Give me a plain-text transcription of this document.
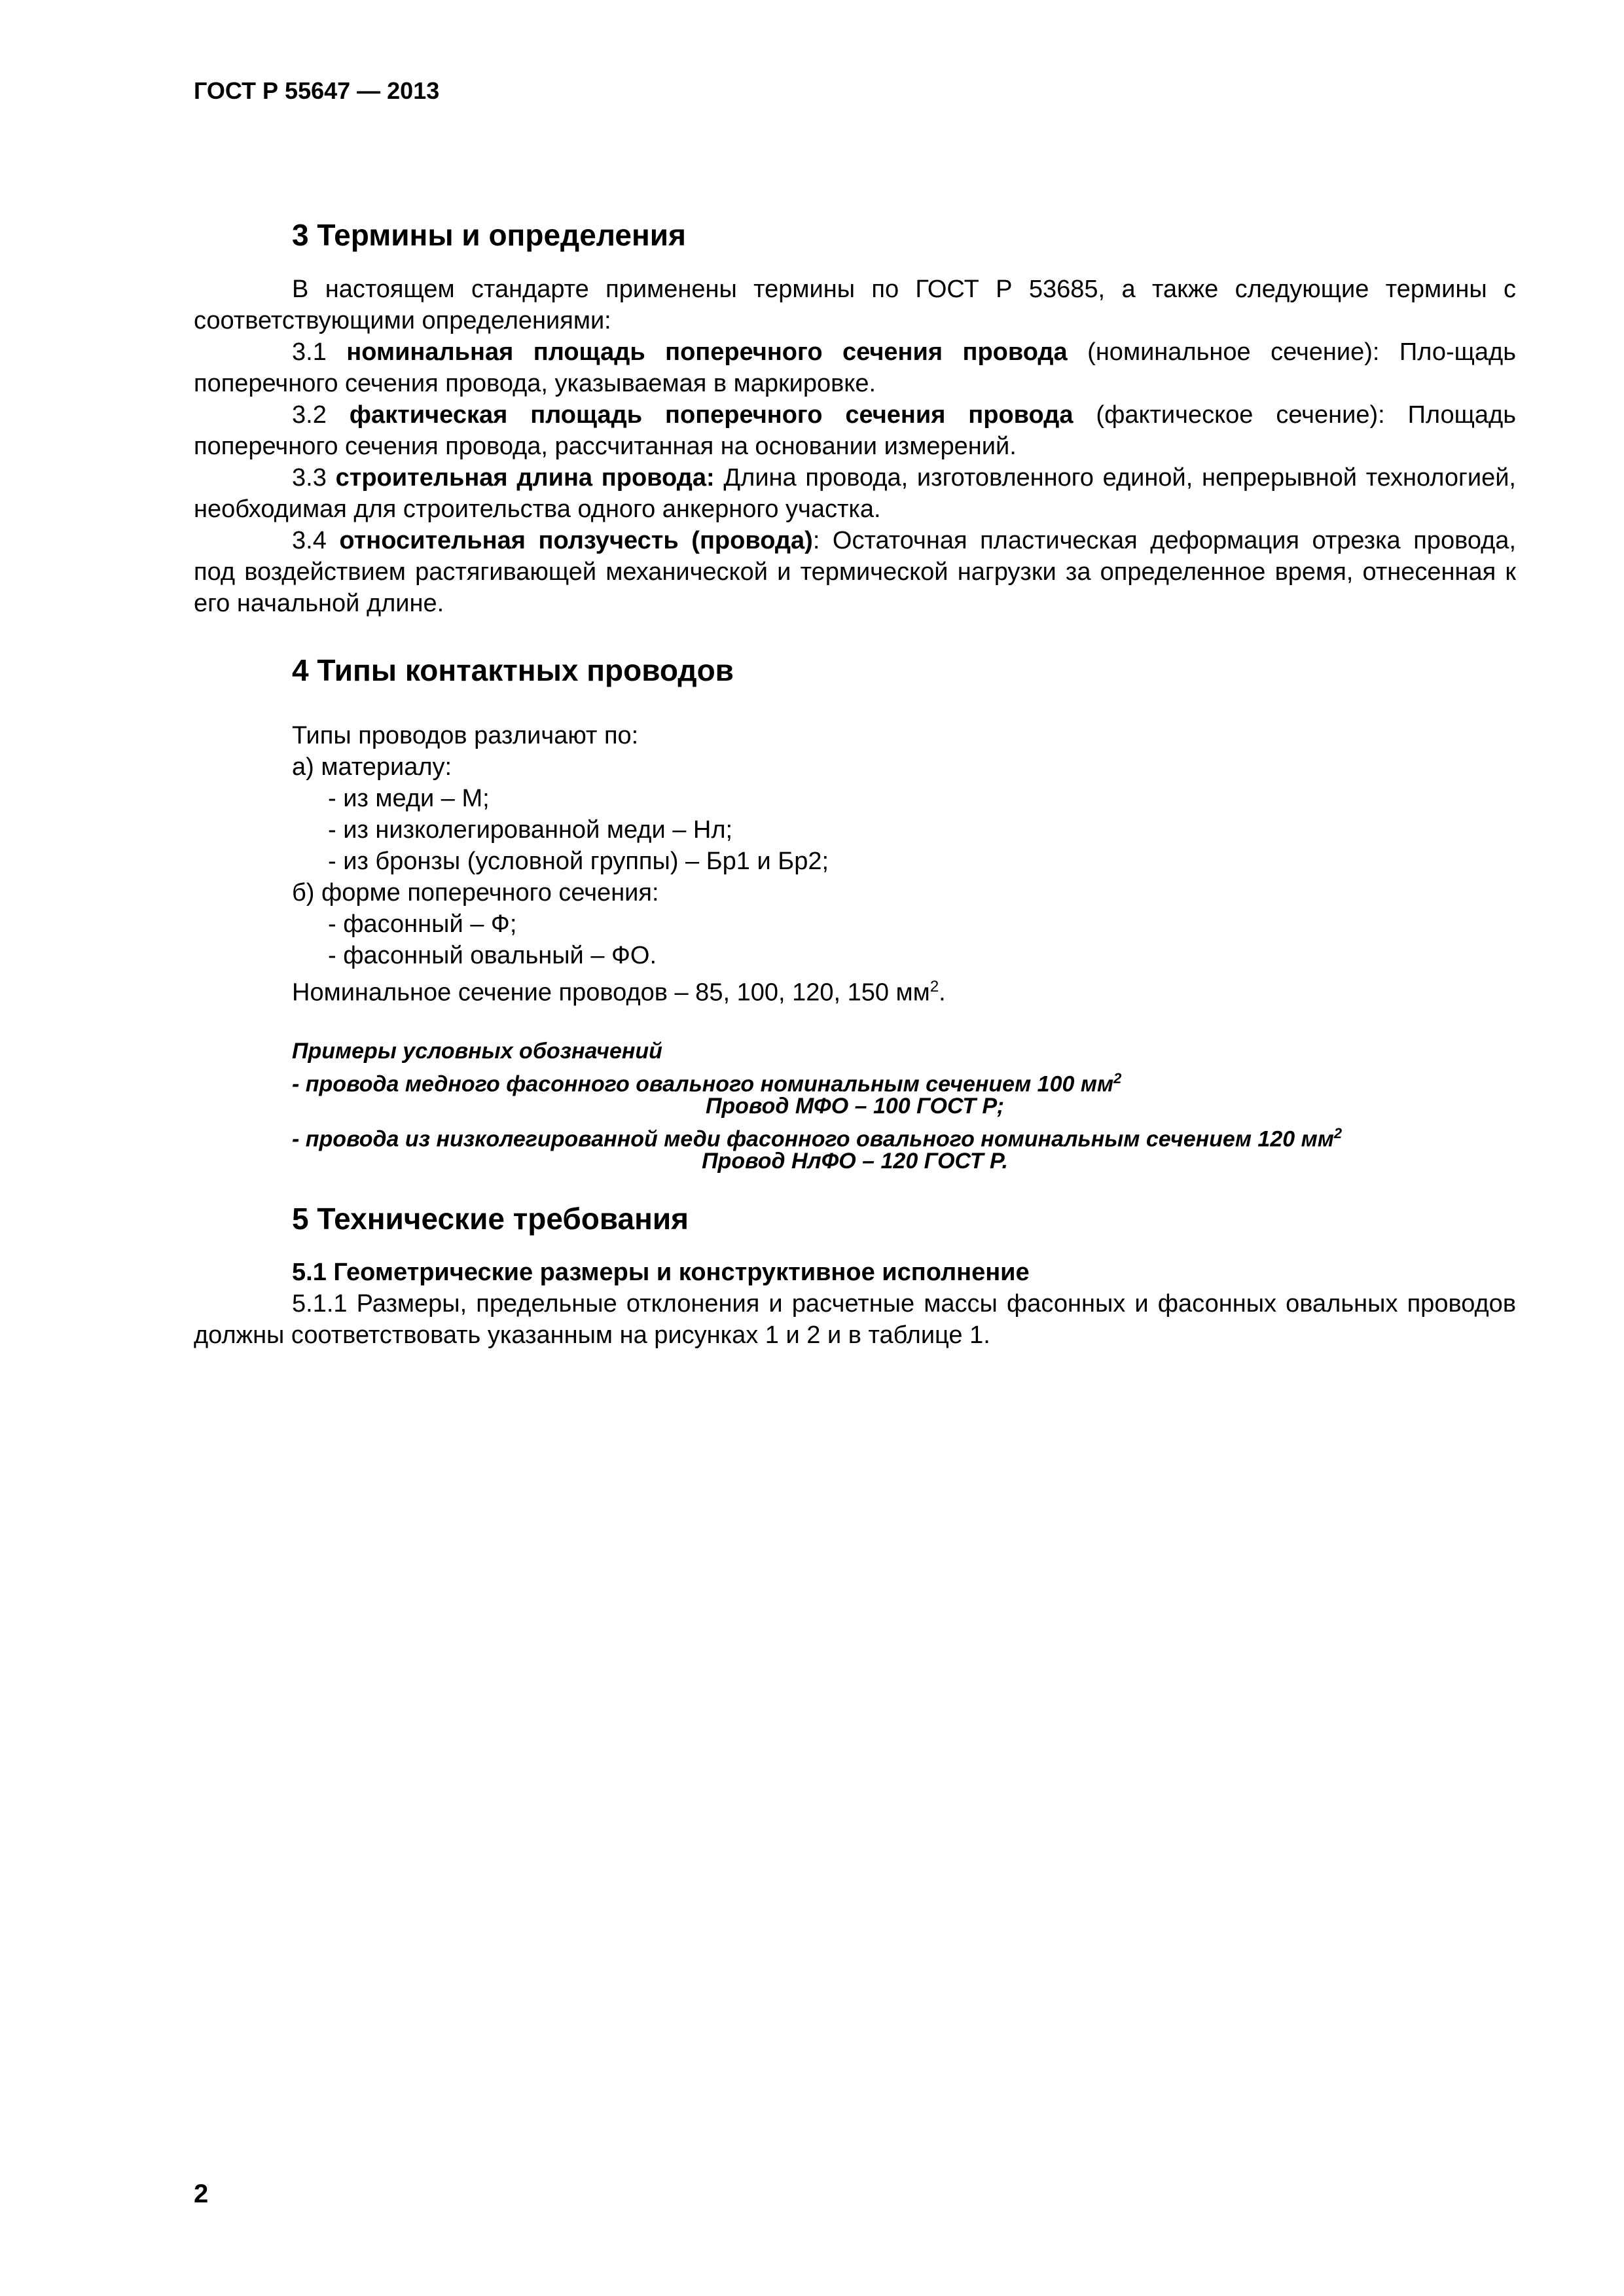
ГОСТ Р 55647 — 2013
3 Термины и определения
В настоящем стандарте применены термины по ГОСТ Р 53685, а также следующие термины с соответствующими определениями:
3.1 номинальная площадь поперечного сечения провода (номинальное сечение): Пло-щадь поперечного сечения провода, указываемая в маркировке.
3.2 фактическая площадь поперечного сечения провода (фактическое сечение): Площадь поперечного сечения провода, рассчитанная на основании измерений.
3.3 строительная длина провода: Длина провода, изготовленного единой, непрерывной технологией, необходимая для строительства одного анкерного участка.
3.4 относительная ползучесть (провода): Остаточная пластическая деформация отрезка провода, под воздействием растягивающей механической и термической нагрузки за определенное время, отнесенная к его начальной длине.
4 Типы контактных проводов
Типы проводов различают по:
а) материалу:
- из меди – М;
- из низколегированной меди – Нл;
- из бронзы (условной группы) – Бр1 и Бр2;
б) форме поперечного сечения:
- фасонный – Ф;
- фасонный овальный – ФО.
Номинальное сечение проводов – 85, 100, 120, 150 $мм^2$.
Примеры условных обозначений
- провода медного фасонного овального номинальным сечением 100 $мм^2$
Провод МФО – 100 ГОСТ Р;
- провода из низколегированной меди фасонного овального номинальным сечением 120 $мм^2$
Провод НлФО – 120 ГОСТ Р.
5 Технические требования
5.1 Геометрические размеры и конструктивное исполнение
5.1.1 Размеры, предельные отклонения и расчетные массы фасонных и фасонных овальных проводов должны соответствовать указанным на рисунках 1 и 2 и в таблице 1.
2
